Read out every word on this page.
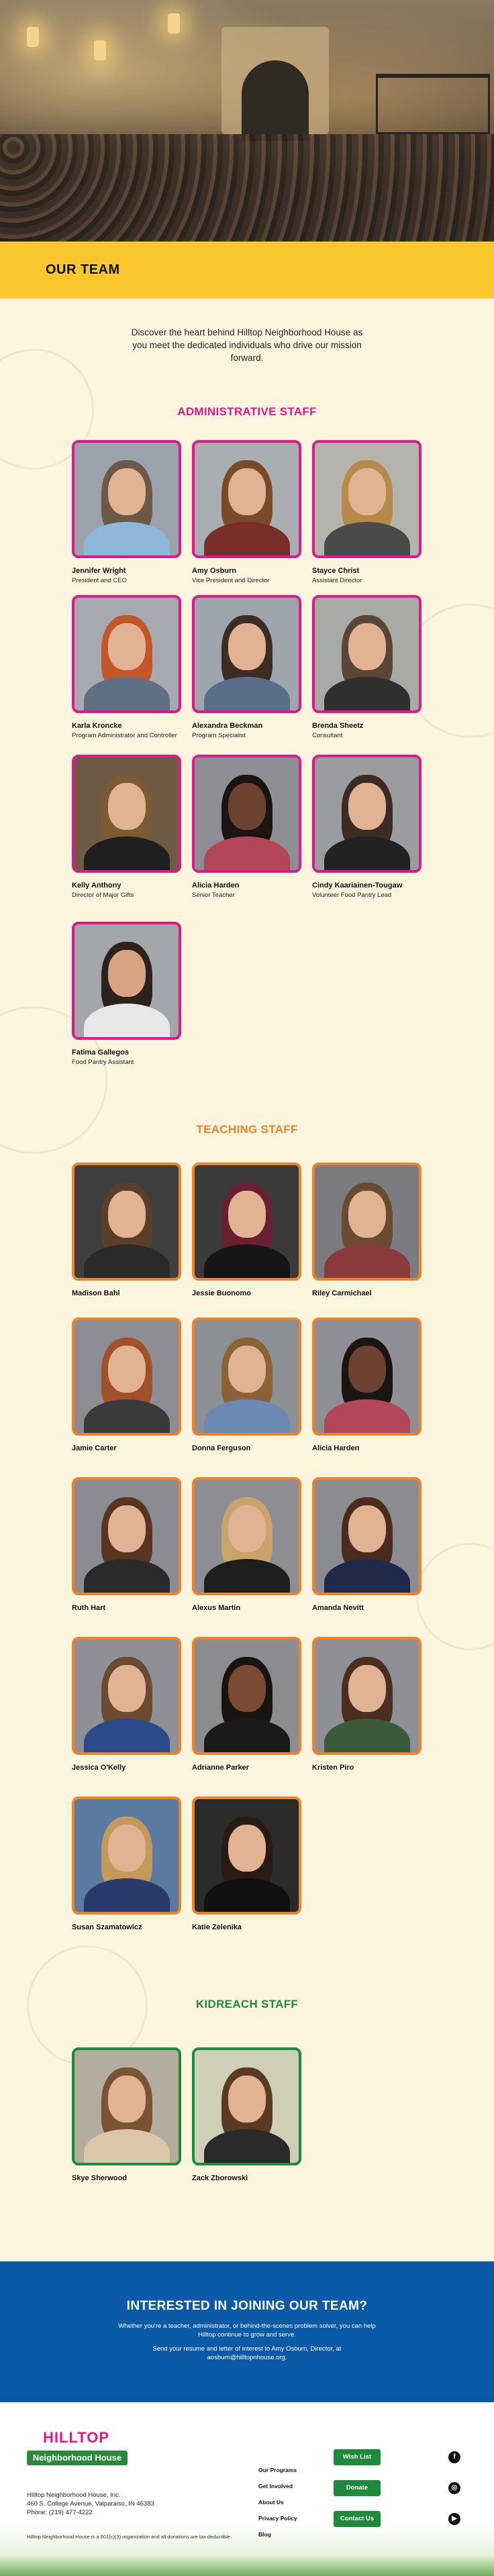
OUR TEAM

Discover the heart behind Hilltop Neighborhood House as you meet the dedicated individuals who drive our mission forward.

ADMINISTRATIVE STAFF
TEACHING STAFF
KIDREACH STAFF
Jennifer Wright
President and CEO
Amy Osburn
Vice President and Director
Stayce Christ
Assistant Director
Karla Kroncke
Program Administrator and Controller
Alexandra Beckman
Program Specialist
Brenda Sheetz
Consultant
Kelly Anthony
Director of Major Gifts
Alicia Harden
Senior Teacher
Cindy Kaariainen-Tougaw
Volunteer Food Pantry Lead
Fatima Gallegos
Food Pantry Assistant
Madison Bahl	Jessie Buonomo	Riley Carmichael
Jamie Carter	Donna Ferguson	Alicia Harden
Ruth Hart	Alexus Martin	Amanda Nevitt
Jessica O'Kelly	Adrianne Parker	Kristen Piro
Susan Szamatowicz	Katie Zelenika
Skye Sherwood	Zack Zborowski
INTERESTED IN JOINING OUR TEAM?

Whether you're a teacher, administrator, or behind-the-scenes problem solver, you can help Hilltop continue to grow and serve.

Send your resume and letter of interest to Amy Osburn, Director, at aosburn@hilltopnhouse.org.

HILLTOP
Neighborhood House
Hilltop Neighborhood House, Inc.
460 S. College Avenue, Valparaiso, IN 46383
Phone: (219) 477-4222
Hilltop Neighborhood House is a 501(c)(3) organization and all donations are tax deductible.
Our Programs
Get Involved
About Us
Privacy Policy
Blog
Wish List
Donate
Contact Us
f
◎
▶
